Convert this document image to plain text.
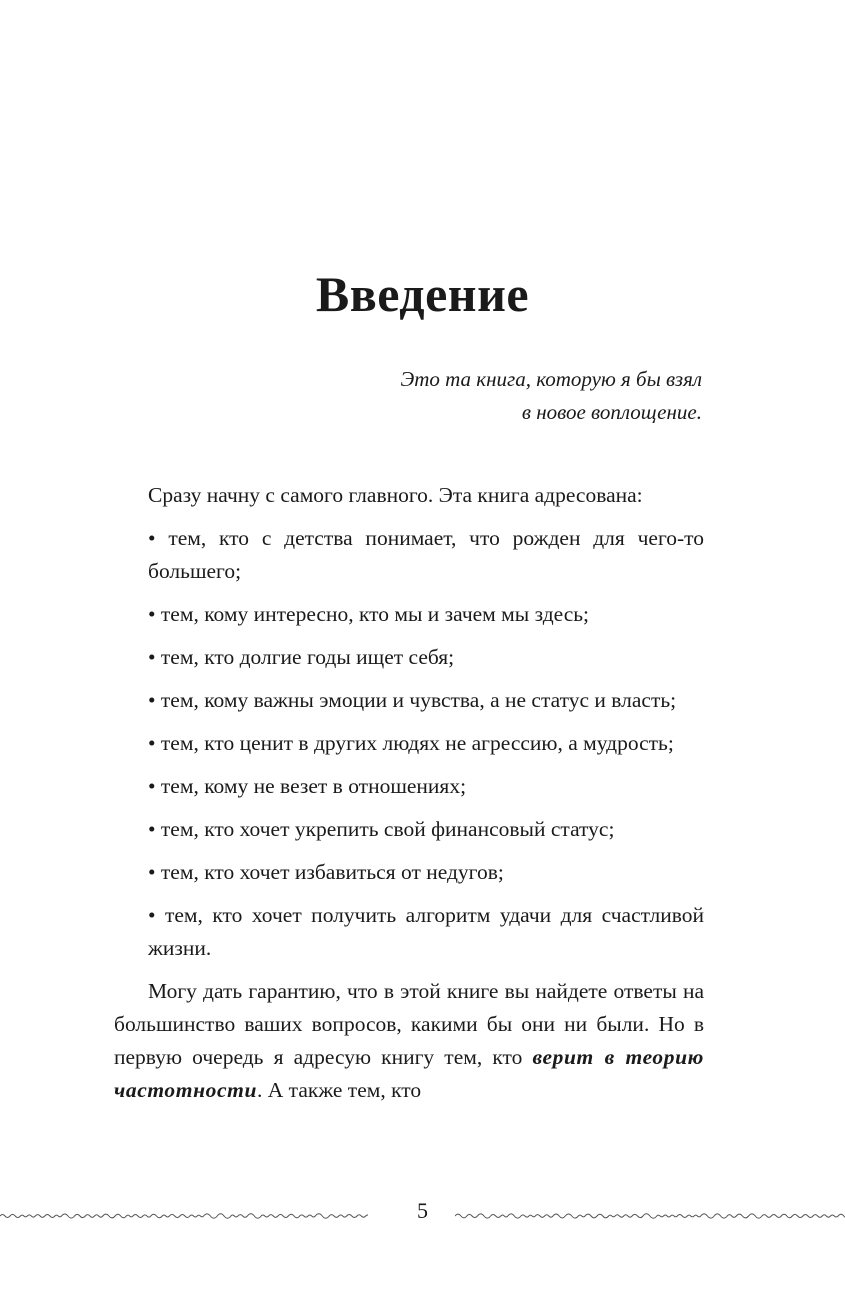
Введение
Это та книга, которую я бы взял
в новое воплощение.

Сразу начну с самого главного. Эта книга адресована:

• тем, кто с детства понимает, что рожден для чего-то большего;

• тем, кому интересно, кто мы и зачем мы здесь;

• тем, кто долгие годы ищет себя;

• тем, кому важны эмоции и чувства, а не статус и власть;

• тем, кто ценит в других людях не агрессию, а мудрость;

• тем, кому не везет в отношениях;

• тем, кто хочет укрепить свой финансовый статус;

• тем, кто хочет избавиться от недугов;

• тем, кто хочет получить алгоритм удачи для счастливой жизни.

Могу дать гарантию, что в этой книге вы найдете ответы на большинство ваших вопросов, какими бы они ни были. Но в первую очередь я адресую книгу тем, кто верит в теорию частотности. А также тем, кто

5
